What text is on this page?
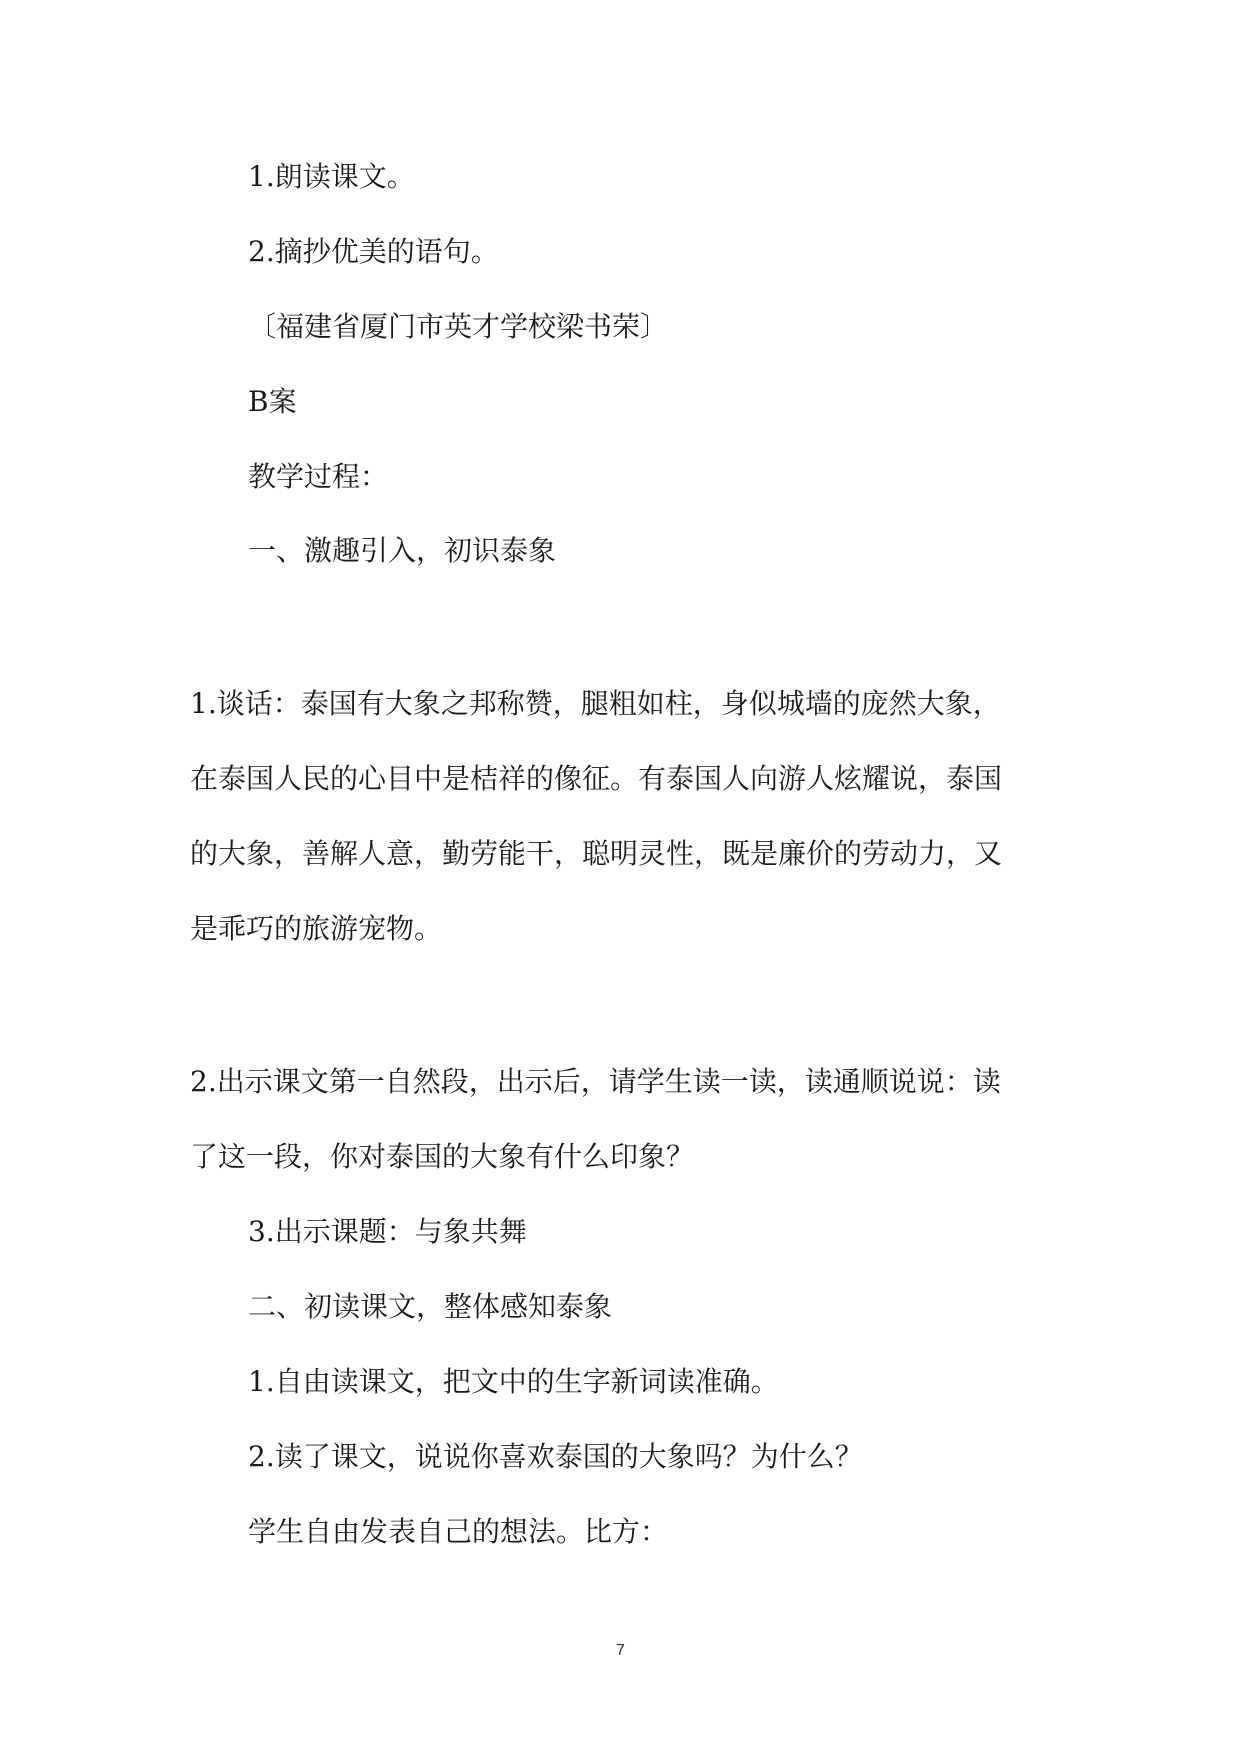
1.朗读课文。
2.摘抄优美的语句。
〔福建省厦门市英才学校梁书荣〕
B案
教学过程：
一、激趣引入，初识泰象
1.谈话：泰国有大象之邦称赞，腿粗如柱，身似城墙的庞然大象，
在泰国人民的心目中是桔祥的像征。有泰国人向游人炫耀说，泰国
的大象，善解人意，勤劳能干，聪明灵性，既是廉价的劳动力，又
是乖巧的旅游宠物。
2.出示课文第一自然段，出示后，请学生读一读，读通顺说说：读
了这一段，你对泰国的大象有什么印象？
3.出示课题：与象共舞
二、初读课文，整体感知泰象
1.自由读课文，把文中的生字新词读准确。
2.读了课文，说说你喜欢泰国的大象吗？为什么？
学生自由发表自己的想法。比方：
7
